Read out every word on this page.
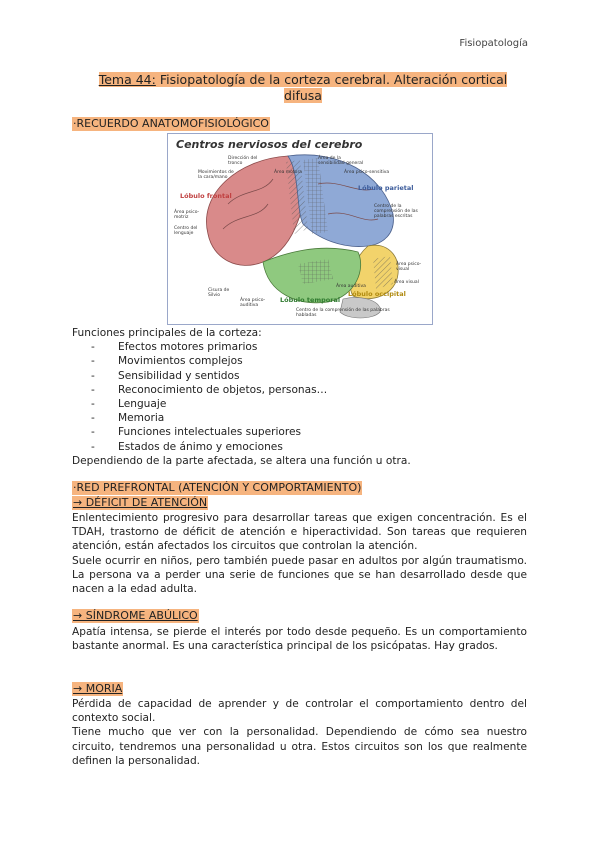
Fisiopatología
Tema 44: Fisiopatología de la corteza cerebral. Alteración cortical difusa
·RECUERDO ANATOMOFISIOLÓGICO
Centros nerviosos del cerebro
Lóbulo frontal
Lóbulo parietal
Lóbulo temporal
Lóbulo occipital
Dirección del tronco
Área de la sensibilidad general
Movimientos de la cara/mano
Área motora	Área psico-sensitiva
Área psico-motriz
Centro del lenguaje
Centro de la comprensión de las palabras escritas
Área psico-visual
Área visual
Área auditiva
Área psico-auditiva
Centro de la comprensión de las palabras habladas
Cisura de Silvio

Funciones principales de la corteza:

- Efectos motores primarios
- Movimientos complejos
- Sensibilidad y sentidos
- Reconocimiento de objetos, personas…
- Lenguaje
- Memoria
- Funciones intelectuales superiores
- Estados de ánimo y emociones

Dependiendo de la parte afectada, se altera una función u otra.

·RED PREFRONTAL (ATENCIÓN Y COMPORTAMIENTO)
→ DÉFICIT DE ATENCIÓN

Enlentecimiento progresivo para desarrollar tareas que exigen concentración. Es el TDAH, trastorno de déficit de atención e hiperactividad. Son tareas que requieren atención, están afectados los circuitos que controlan la atención.

Suele ocurrir en niños, pero también puede pasar en adultos por algún traumatismo. La persona va a perder una serie de funciones que se han desarrollado desde que nacen a la edad adulta.

→ SÍNDROME ABÚLICO

Apatía intensa, se pierde el interés por todo desde pequeño. Es un comportamiento bastante anormal. Es una característica principal de los psicópatas. Hay grados.

→ MORIA

Pérdida de capacidad de aprender y de controlar el comportamiento dentro del contexto social.

Tiene mucho que ver con la personalidad. Dependiendo de cómo sea nuestro circuito, tendremos una personalidad u otra. Estos circuitos son los que realmente definen la personalidad.
